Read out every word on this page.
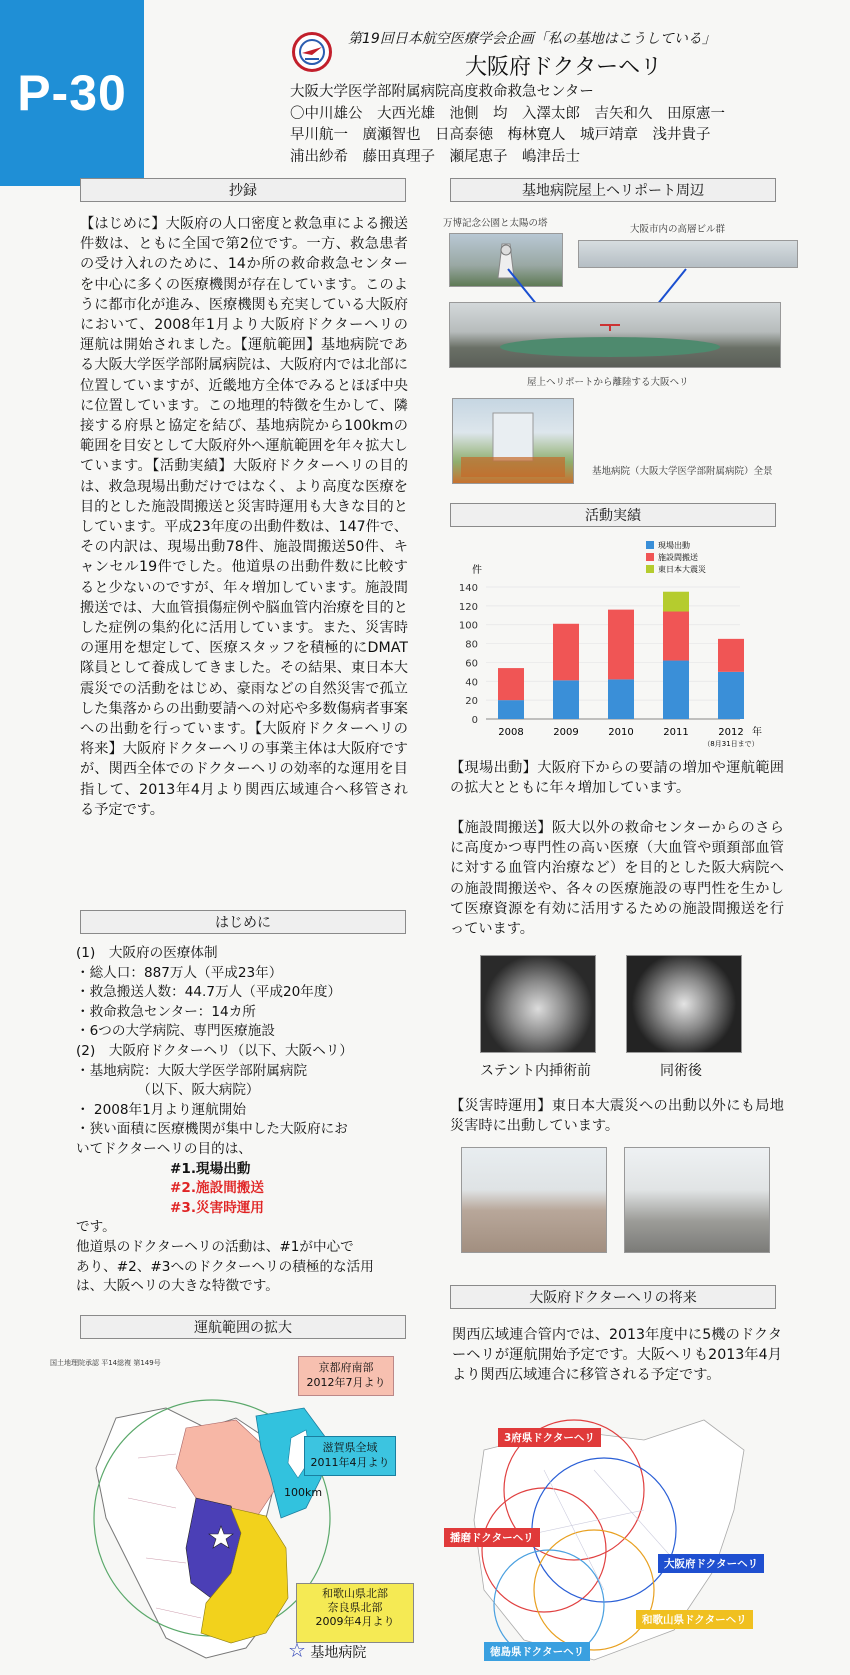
P-30
第19回日本航空医療学会企画「私の基地はこうしている」
大阪府ドクターヘリ
大阪大学医学部附属病院高度救命救急センター
〇中川雄公　大西光雄　池側　均　入澤太郎　吉矢和久　田原憲一
早川航一　廣瀬智也　日高泰徳　梅林寛人　城戸靖章　浅井貴子
浦出紗希　藤田真理子　瀬尾恵子　嶋津岳士
抄録
【はじめに】大阪府の人口密度と救急車による搬送件数は、ともに全国で第2位です。一方、救急患者の受け入れのために、14か所の救命救急センターを中心に多くの医療機関が存在しています。このように都市化が進み、医療機関も充実している大阪府において、2008年1月より大阪府ドクターヘリの運航は開始されました。【運航範囲】基地病院である大阪大学医学部附属病院は、大阪府内では北部に位置していますが、近畿地方全体でみるとほぼ中央に位置しています。この地理的特徴を生かして、隣接する府県と協定を結び、基地病院から100kmの範囲を目安として大阪府外へ運航範囲を年々拡大しています。【活動実績】大阪府ドクターヘリの目的は、救急現場出動だけではなく、より高度な医療を目的とした施設間搬送と災害時運用も大きな目的としています。平成23年度の出動件数は、147件で、その内訳は、現場出動78件、施設間搬送50件、キャンセル19件でした。他道県の出動件数に比較すると少ないのですが、年々増加しています。施設間搬送では、大血管損傷症例や脳血管内治療を目的とした症例の集約化に活用しています。また、災害時の運用を想定して、医療スタッフを積極的にDMAT隊員として養成してきました。その結果、東日本大震災での活動をはじめ、豪雨などの自然災害で孤立した集落からの出動要請への対応や多数傷病者事案への出動を行っています。【大阪府ドクターヘリの将来】大阪府ドクターヘリの事業主体は大阪府ですが、関西全体でのドクターヘリの効率的な運用を目指して、2013年4月より関西広域連合へ移管される予定です。
はじめに
(1)　大阪府の医療体制
・総人口：887万人（平成23年）
・救急搬送人数：44.7万人（平成20年度）
・救命救急センター：14カ所
・6つの大学病院、専門医療施設
(2)　大阪府ドクターヘリ（以下、大阪ヘリ）
・基地病院：大阪大学医学部附属病院
　　　　　（以下、阪大病院）
・ 2008年1月より運航開始
・狭い面積に医療機関が集中した大阪府にお
いてドクターヘリの目的は、
#1.現場出動
#2.施設間搬送
#3.災害時運用
です。
他道県のドクターヘリの活動は、#1が中心で
あり、#2、#3へのドクターヘリの積極的な活用
は、大阪ヘリの大きな特徴です。
運航範囲の拡大
国土地理院承認 平14総複 第149号
和歌山県北部
奈良県北部
2009年4月より
京都府南部
2012年7月より
滋賀県全域
2011年4月より
100km
☆ 基地病院
基地病院屋上ヘリポート周辺
万博記念公園と太陽の塔
大阪市内の高層ビル群
屋上ヘリポートから離陸する大阪ヘリ
基地病院（大阪大学医学部附属病院）全景
活動実績
0
20
40
60
80
100
120
140
件
2008	2009	2010	2011	2012 年
（8月31日まで）
現場出動
施設間搬送
東日本大震災
【現場出動】大阪府下からの要請の増加や運航範囲の拡大とともに年々増加しています。
【施設間搬送】阪大以外の救命センターからのさらに高度かつ専門性の高い医療（大血管や頭頚部血管に対する血管内治療など）を目的とした阪大病院への施設間搬送や、各々の医療施設の専門性を生かして医療資源を有効に活用するための施設間搬送を行っています。
ステント内挿術前	同術後
【災害時運用】東日本大震災への出動以外にも局地災害時に出動しています。
大阪府ドクターヘリの将来
関西広域連合管内では、2013年度中に5機のドクターヘリが運航開始予定です。大阪ヘリも2013年4月より関西広域連合に移管される予定です。
3府県ドクターヘリ
播磨ドクターヘリ
大阪府ドクターヘリ
和歌山県ドクターヘリ
徳島県ドクターヘリ
